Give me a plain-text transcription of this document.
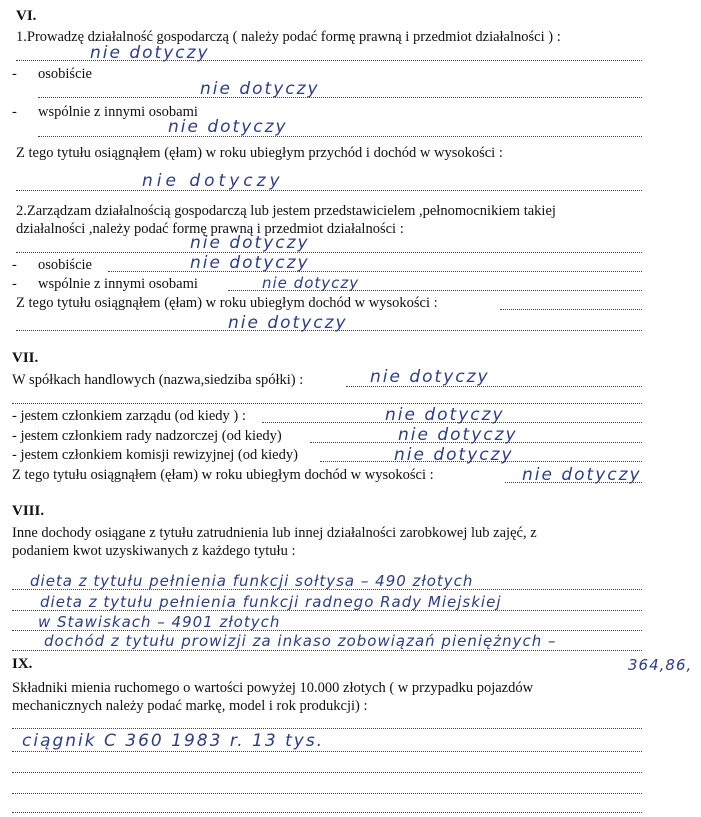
VI.
1.Prowadzę działalność gospodarczą ( należy podać formę prawną i przedmiot działalności ) :
nie dotyczy
- osobiście
nie dotyczy
- wspólnie z innymi osobami
nie dotyczy
Z tego tytułu osiągnąłem (ęłam) w roku ubiegłym przychód i dochód w wysokości :
nie dotyczy
2.Zarządzam działalnością gospodarczą lub jestem przedstawicielem ,pełnomocnikiem takiej
działalności ,należy podać formę prawną i przedmiot działalności :
nie dotyczy
- osobiście	nie dotyczy
- wspólnie z innymi osobami	nie dotyczy
Z tego tytułu osiągnąłem (ęłam) w roku ubiegłym dochód w wysokości :
nie dotyczy
VII.
W spółkach handlowych (nazwa,siedziba spółki) :	nie dotyczy
- jestem członkiem zarządu (od kiedy ) :	nie dotyczy
- jestem członkiem rady nadzorczej (od kiedy)	nie dotyczy
- jestem członkiem komisji rewizyjnej (od kiedy)	nie dotyczy
Z tego tytułu osiągnąłem (ęłam) w roku ubiegłym dochód w wysokości :	nie dotyczy
VIII.
Inne dochody osiągane z tytułu zatrudnienia lub innej działalności zarobkowej lub zajęć, z
podaniem kwot uzyskiwanych z każdego tytułu :
dieta z tytułu pełnienia funkcji sołtysa – 490 złotych
dieta z tytułu pełnienia funkcji radnego Rady Miejskiej
w Stawiskach – 4901 złotych
dochód z tytułu prowizji za inkaso zobowiązań pieniężnych –
364,86,
IX.
Składniki mienia ruchomego o wartości powyżej 10.000 złotych ( w przypadku pojazdów
mechanicznych należy podać markę, model i rok produkcji) :
ciągnik C 360 1983 r. 13 tys.
